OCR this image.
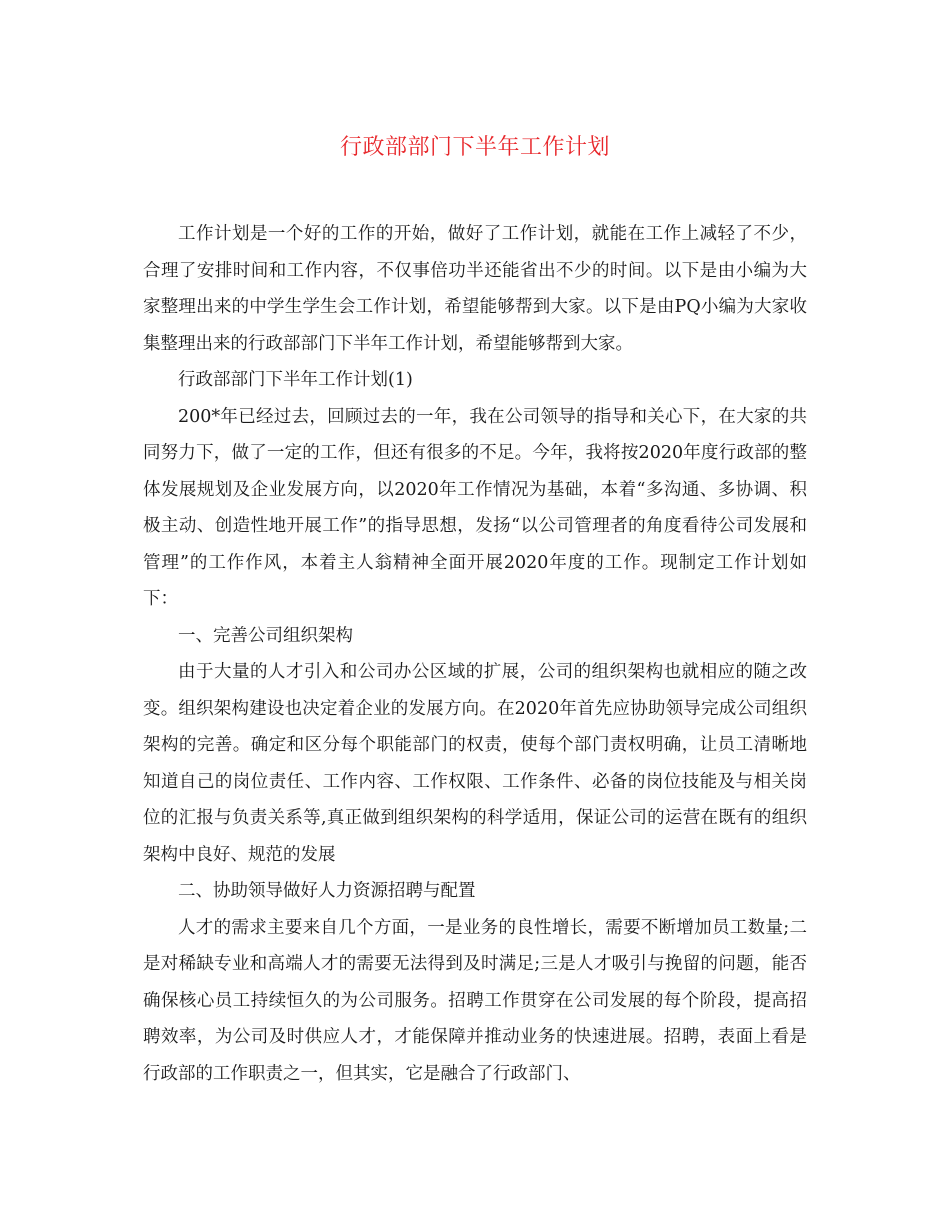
行政部部门下半年工作计划

工作计划是一个好的工作的开始，做好了工作计划，就能在工作上减轻了不少，合理了安排时间和工作内容，不仅事倍功半还能省出不少的时间。以下是由小编为大家整理出来的中学生学生会工作计划，希望能够帮到大家。以下是由PQ小编为大家收集整理出来的行政部部门下半年工作计划，希望能够帮到大家。

行政部部门下半年工作计划(1)

200*年已经过去，回顾过去的一年，我在公司领导的指导和关心下，在大家的共同努力下，做了一定的工作，但还有很多的不足。今年，我将按2020年度行政部的整体发展规划及企业发展方向，以2020年工作情况为基础，本着“多沟通、多协调、积极主动、创造性地开展工作”的指导思想，发扬“以公司管理者的角度看待公司发展和管理”的工作作风，本着主人翁精神全面开展2020年度的工作。现制定工作计划如下：

一、完善公司组织架构

由于大量的人才引入和公司办公区域的扩展，公司的组织架构也就相应的随之改变。组织架构建设也决定着企业的发展方向。在2020年首先应协助领导完成公司组织架构的完善。确定和区分每个职能部门的权责，使每个部门责权明确，让员工清晰地知道自己的岗位责任、工作内容、工作权限、工作条件、必备的岗位技能及与相关岗位的汇报与负责关系等,真正做到组织架构的科学适用，保证公司的运营在既有的组织架构中良好、规范的发展

二、协助领导做好人力资源招聘与配置

人才的需求主要来自几个方面，一是业务的良性增长，需要不断增加员工数量;二是对稀缺专业和高端人才的需要无法得到及时满足;三是人才吸引与挽留的问题，能否确保核心员工持续恒久的为公司服务。招聘工作贯穿在公司发展的每个阶段，提高招聘效率，为公司及时供应人才，才能保障并推动业务的快速进展。招聘，表面上看是行政部的工作职责之一，但其实，它是融合了行政部门、
